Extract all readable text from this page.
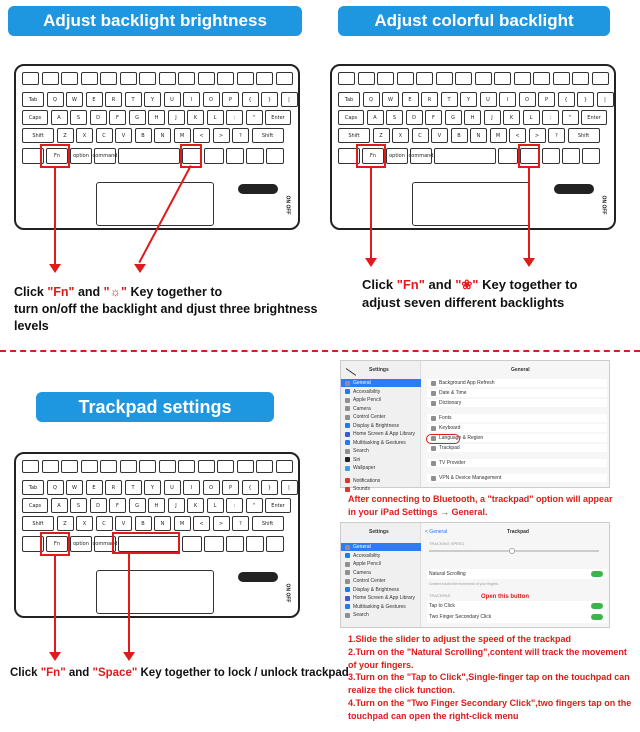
Adjust backlight brightness	Adjust colorful backlight
Tab	Q	W	E	R	T	Y	U	I	O	P	{	}	|
Caps	A	S	D	F	G	H	J	K	L	:	"	Enter
Shift	Z	X	C	V	B	N	M	<	>	?	Shift
Fn	option command
ON OFF
Click "Fn" and "☼" Key together to
turn on/off the backlight and djust three brightness levels
Tab	Q	W	E	R	T	Y	U	I	O	P	{	}	|
Caps	A	S	D	F	G	H	J	K	L	:	"	Enter
Shift	Z	X	C	V	B	N	M	<	>	?	Shift
Fn	option command
ON OFF
Click "Fn" and "❀" Key together to
adjust seven different backlights
Trackpad settings
Tab	Q	W	E	R	T	Y	U	I	O	P	{	}	|
Caps	A	S	D	F	G	H	J	K	L	:	"	Enter
Shift	Z	X	C	V	B	N	M	<	>	?	Shift
Fn	option command
ON OFF
Click "Fn" and "Space" Key together to lock / unlock trackpad
Settings
General
Accessibility
Apple Pencil
Camera
Control Center
Display & Brightness
Home Screen & App Library
Multitasking & Gestures
Search
Siri
Wallpaper
Notifications
Sounds
General
Background App Refresh
Date & Time
Dictionary
Fonts
Keyboard
Language & Region
Trackpad
TV Provider
VPN & Device Management
After connecting to Bluetooth, a "trackpad" option will appear
in your iPad Settings → General.
Settings
General
Accessibility
Apple Pencil
Camera
Control Center
Display & Brightness
Home Screen & App Library
Multitasking & Gestures
Search
< General	Trackpad
TRACKING SPEED
Natural Scrolling
Content tracks the movement of your fingers.
TRACKPAD
Tap to Click
Two Finger Secondary Click
Open this button
1.Slide the slider to adjust the speed of the trackpad
2.Turn on the "Natural Scrolling",content will track the movement
of your fingers.
3.Turn on the "Tap to Click",Single-finger tap on the touchpad can
realize the click function.
4.Turn on the "Two Finger Secondary Click",two fingers tap on the
touchpad can open the right-click menu
